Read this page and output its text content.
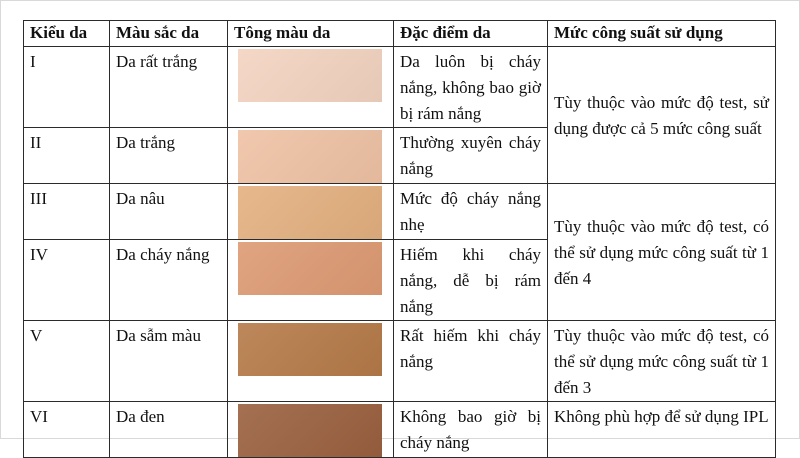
Kiểu da	Màu sắc da	Tông màu da	Đặc điểm da	Mức công suất sử dụng
I	Da rất trắng		Da luôn bị cháy nắng, không bao giờ bị rám nắng	Tùy thuộc vào mức độ test, sử dụng được cả 5 mức công suất
II	Da trắng		Thường xuyên cháy nắng	
III	Da nâu		Mức độ cháy nắng nhẹ	Tùy thuộc vào mức độ test, có thể sử dụng mức công suất từ 1 đến 4
IV	Da cháy nắng		Hiếm khi cháy nắng, dễ bị rám nắng	
V	Da sẫm màu		Rất hiếm khi cháy nắng	Tùy thuộc vào mức độ test, có thể sử dụng mức công suất từ 1 đến 3
VI	Da đen		Không bao giờ bị cháy nắng	Không phù hợp để sử dụng IPL
